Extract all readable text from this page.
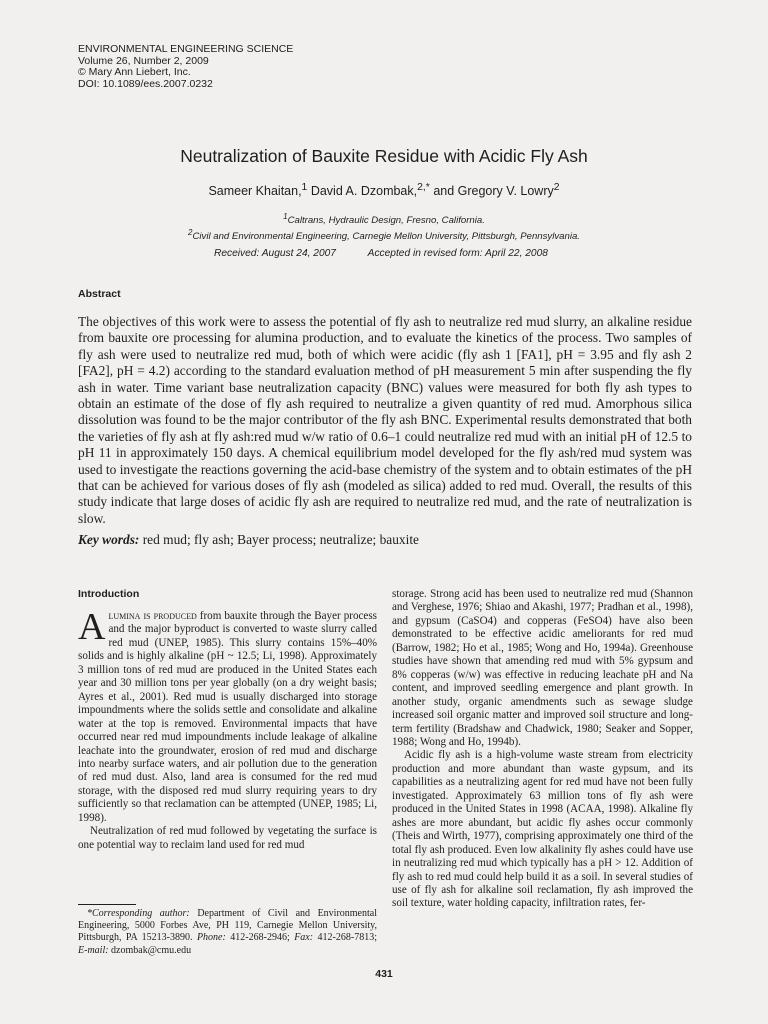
ENVIRONMENTAL ENGINEERING SCIENCE
Volume 26, Number 2, 2009
© Mary Ann Liebert, Inc.
DOI: 10.1089/ees.2007.0232
Neutralization of Bauxite Residue with Acidic Fly Ash
Sameer Khaitan,$^1$ David A. Dzombak,$^{2,*}$ and Gregory V. Lowry$^2$
$^1$Caltrans, Hydraulic Design, Fresno, California.
$^2$Civil and Environmental Engineering, Carnegie Mellon University, Pittsburgh, Pennsylvania.
Received: August 24, 2007	Accepted in revised form: April 22, 2008
Abstract

The objectives of this work were to assess the potential of fly ash to neutralize red mud slurry, an alkaline residue from bauxite ore processing for alumina production, and to evaluate the kinetics of the process. Two samples of fly ash were used to neutralize red mud, both of which were acidic (fly ash 1 [FA1], pH = 3.95 and fly ash 2 [FA2], pH = 4.2) according to the standard evaluation method of pH measurement 5 min after suspending the fly ash in water. Time variant base neutralization capacity (BNC) values were measured for both fly ash types to obtain an estimate of the dose of fly ash required to neutralize a given quantity of red mud. Amorphous silica dissolution was found to be the major contributor of the fly ash BNC. Experimental results demonstrated that both the varieties of fly ash at fly ash:red mud w/w ratio of 0.6–1 could neutralize red mud with an initial pH of 12.5 to pH 11 in approximately 150 days. A chemical equilibrium model developed for the fly ash/red mud system was used to investigate the reactions governing the acid-base chemistry of the system and to obtain estimates of the pH that can be achieved for various doses of fly ash (modeled as silica) added to red mud. Overall, the results of this study indicate that large doses of acidic fly ash are required to neutralize red mud, and the rate of neutralization is slow.

Key words: red mud; fly ash; Bayer process; neutralize; bauxite
Introduction

Alumina is produced from bauxite through the Bayer process and the major byproduct is converted to waste slurry called red mud (UNEP, 1985). This slurry contains 15%–40% solids and is highly alkaline (pH ~ 12.5; Li, 1998). Approximately 3 million tons of red mud are produced in the United States each year and 30 million tons per year globally (on a dry weight basis; Ayres et al., 2001). Red mud is usually discharged into storage impoundments where the solids settle and consolidate and alkaline water at the top is removed. Environmental impacts that have occurred near red mud impoundments include leakage of alkaline leachate into the groundwater, erosion of red mud and discharge into nearby surface waters, and air pollution due to the generation of red mud dust. Also, land area is consumed for the red mud storage, with the disposed red mud slurry requiring years to dry sufficiently so that reclamation can be attempted (UNEP, 1985; Li, 1998).

Neutralization of red mud followed by vegetating the surface is one potential way to reclaim land used for red mud

storage. Strong acid has been used to neutralize red mud (Shannon and Verghese, 1976; Shiao and Akashi, 1977; Pradhan et al., 1998), and gypsum (CaSO4) and copperas (FeSO4) have also been demonstrated to be effective acidic ameliorants for red mud (Barrow, 1982; Ho et al., 1985; Wong and Ho, 1994a). Greenhouse studies have shown that amending red mud with 5% gypsum and 8% copperas (w/w) was effective in reducing leachate pH and Na content, and improved seedling emergence and plant growth. In another study, organic amendments such as sewage sludge increased soil organic matter and improved soil structure and long-term fertility (Bradshaw and Chadwick, 1980; Seaker and Sopper, 1988; Wong and Ho, 1994b).

Acidic fly ash is a high-volume waste stream from electricity production and more abundant than waste gypsum, and its capabilities as a neutralizing agent for red mud have not been fully investigated. Approximately 63 million tons of fly ash were produced in the United States in 1998 (ACAA, 1998). Alkaline fly ashes are more abundant, but acidic fly ashes occur commonly (Theis and Wirth, 1977), comprising approximately one third of the total fly ash produced. Even low alkalinity fly ashes could have use in neutralizing red mud which typically has a pH > 12. Addition of fly ash to red mud could help build it as a soil. In several studies of use of fly ash for alkaline soil reclamation, fly ash improved the soil texture, water holding capacity, infiltration rates, fer-

*Corresponding author: Department of Civil and Environmental Engineering, 5000 Forbes Ave, PH 119, Carnegie Mellon University, Pittsburgh, PA 15213-3890. Phone: 412-268-2946; Fax: 412-268-7813; E-mail: dzombak@cmu.edu

431
